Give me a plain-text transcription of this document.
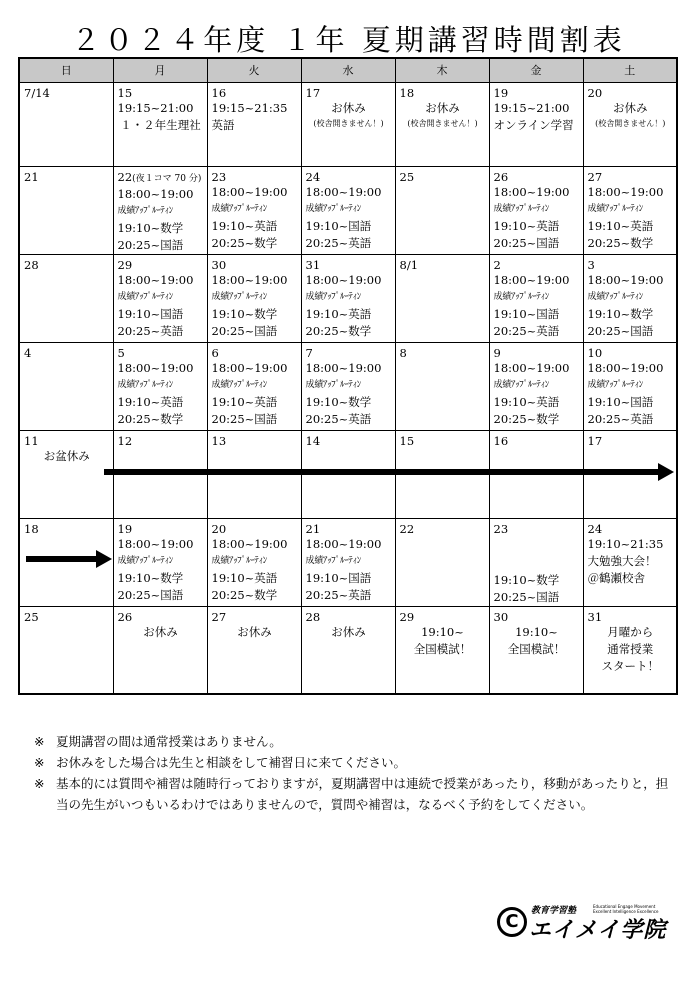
２０２４年度 １年 夏期講習時間割表
日	月	火	水	木	金	土

7/14	15
19:15~21:00
１・２年生理社	16
19:15~21:35
英語	17
お休み
(校舎開きません！)	18
お休み
(校舎開きません！)	19
19:15~21:00
オンライン学習	20
お休み
(校舎開きません！)

21	22(夜１コマ 70 分)
18:00~19:00
成績ｱｯﾌﾟﾙｰﾃｨﾝ
19:10~数学
20:25~国語	23
18:00~19:00
成績ｱｯﾌﾟﾙｰﾃｨﾝ
19:10~英語
20:25~数学	24
18:00~19:00
成績ｱｯﾌﾟﾙｰﾃｨﾝ
19:10~国語
20:25~英語	25	26
18:00~19:00
成績ｱｯﾌﾟﾙｰﾃｨﾝ
19:10~英語
20:25~国語	27
18:00~19:00
成績ｱｯﾌﾟﾙｰﾃｨﾝ
19:10~英語
20:25~数学

28	29
18:00~19:00
成績ｱｯﾌﾟﾙｰﾃｨﾝ
19:10~国語
20:25~英語	30
18:00~19:00
成績ｱｯﾌﾟﾙｰﾃｨﾝ
19:10~数学
20:25~国語	31
18:00~19:00
成績ｱｯﾌﾟﾙｰﾃｨﾝ
19:10~英語
20:25~数学	8/1	2
18:00~19:00
成績ｱｯﾌﾟﾙｰﾃｨﾝ
19:10~国語
20:25~英語	3
18:00~19:00
成績ｱｯﾌﾟﾙｰﾃｨﾝ
19:10~数学
20:25~国語

4	5
18:00~19:00
成績ｱｯﾌﾟﾙｰﾃｨﾝ
19:10~英語
20:25~数学	6
18:00~19:00
成績ｱｯﾌﾟﾙｰﾃｨﾝ
19:10~英語
20:25~国語	7
18:00~19:00
成績ｱｯﾌﾟﾙｰﾃｨﾝ
19:10~数学
20:25~英語	8	9
18:00~19:00
成績ｱｯﾌﾟﾙｰﾃｨﾝ
19:10~英語
20:25~数学	10
18:00~19:00
成績ｱｯﾌﾟﾙｰﾃｨﾝ
19:10~国語
20:25~英語

11
お盆休み	12	13	14	15	16	17

18	19
18:00~19:00
成績ｱｯﾌﾟﾙｰﾃｨﾝ
19:10~数学
20:25~国語	20
18:00~19:00
成績ｱｯﾌﾟﾙｰﾃｨﾝ
19:10~英語
20:25~数学	21
18:00~19:00
成績ｱｯﾌﾟﾙｰﾃｨﾝ
19:10~国語
20:25~英語	22	23
19:10~数学
20:25~国語	24
19:10~21:35
大勉強大会！
＠鶴瀬校舎

25	26
お休み	27
お休み	28
お休み	29
19:10~
全国模試！	30
19:10~
全国模試！	31
月曜から
通常授業
スタート！
※ 夏期講習の間は通常授業はありません。
※ お休みをした場合は先生と相談をして補習日に来てください。
※ 基本的には質問や補習は随時行っておりますが，夏期講習中は連続で授業があったり，移動があったりと，担当の先生がいつもいるわけではありませんので，質問や補習は，なるべく予約をしてください。
C	教育学習塾	Educational Engage Movement Excellent Intelligence Excellence
エイメイ学院
